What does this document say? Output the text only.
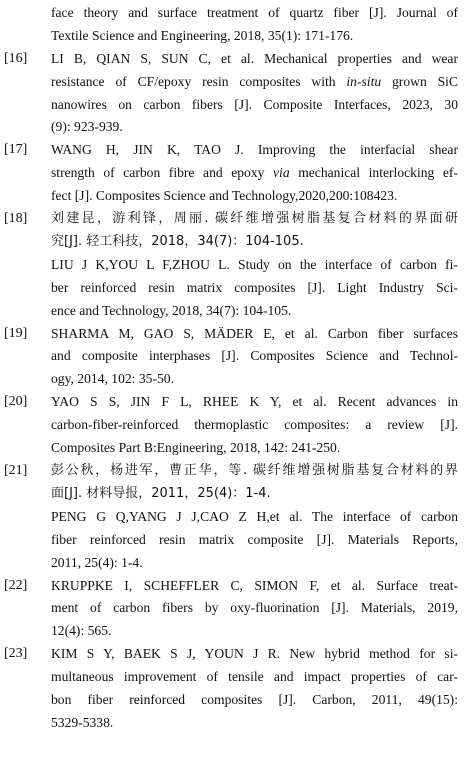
face theory and surface treatment of quartz fiber [J]. Journal of
Textile Science and Engineering, 2018, 35(1): 171-176.
[16] LI B, QIAN S, SUN C, et al. Mechanical properties and wear
resistance of CF/epoxy resin composites with in-situ grown SiC
nanowires on carbon fibers [J]. Composite Interfaces, 2023, 30
(9): 923-939.
[17] WANG H, JIN K, TAO J. Improving the interfacial shear
strength of carbon fibre and epoxy via mechanical interlocking ef-
fect [J]. Composites Science and Technology,2020,200:108423.
[18] 刘建昆，游利锋，周丽. 碳纤维增强树脂基复合材料的界面研
究[J]. 轻工科技，2018，34(7)：104-105.
LIU J K,YOU L F,ZHOU L. Study on the interface of carbon fi-
ber reinforced resin matrix composites [J]. Light Industry Sci-
ence and Technology, 2018, 34(7): 104-105.
[19] SHARMA M, GAO S, MÄDER E, et al. Carbon fiber surfaces
and composite interphases [J]. Composites Science and Technol-
ogy, 2014, 102: 35-50.
[20] YAO S S, JIN F L, RHEE K Y, et al. Recent advances in
carbon-fiber-reinforced thermoplastic composites: a review [J].
Composites Part B:Engineering, 2018, 142: 241-250.
[21] 彭公秋，杨进军，曹正华，等. 碳纤维增强树脂基复合材料的界
面[J]. 材料导报，2011，25(4)：1-4.
PENG G Q,YANG J J,CAO Z H,et al. The interface of carbon
fiber reinforced resin matrix composite [J]. Materials Reports,
2011, 25(4): 1-4.
[22] KRUPPKE I, SCHEFFLER C, SIMON F, et al. Surface treat-
ment of carbon fibers by oxy-fluorination [J]. Materials, 2019,
12(4): 565.
[23] KIM S Y, BAEK S J, YOUN J R. New hybrid method for si-
multaneous improvement of tensile and impact properties of car-
bon fiber reinforced composites [J]. Carbon, 2011, 49(15):
5329-5338.
